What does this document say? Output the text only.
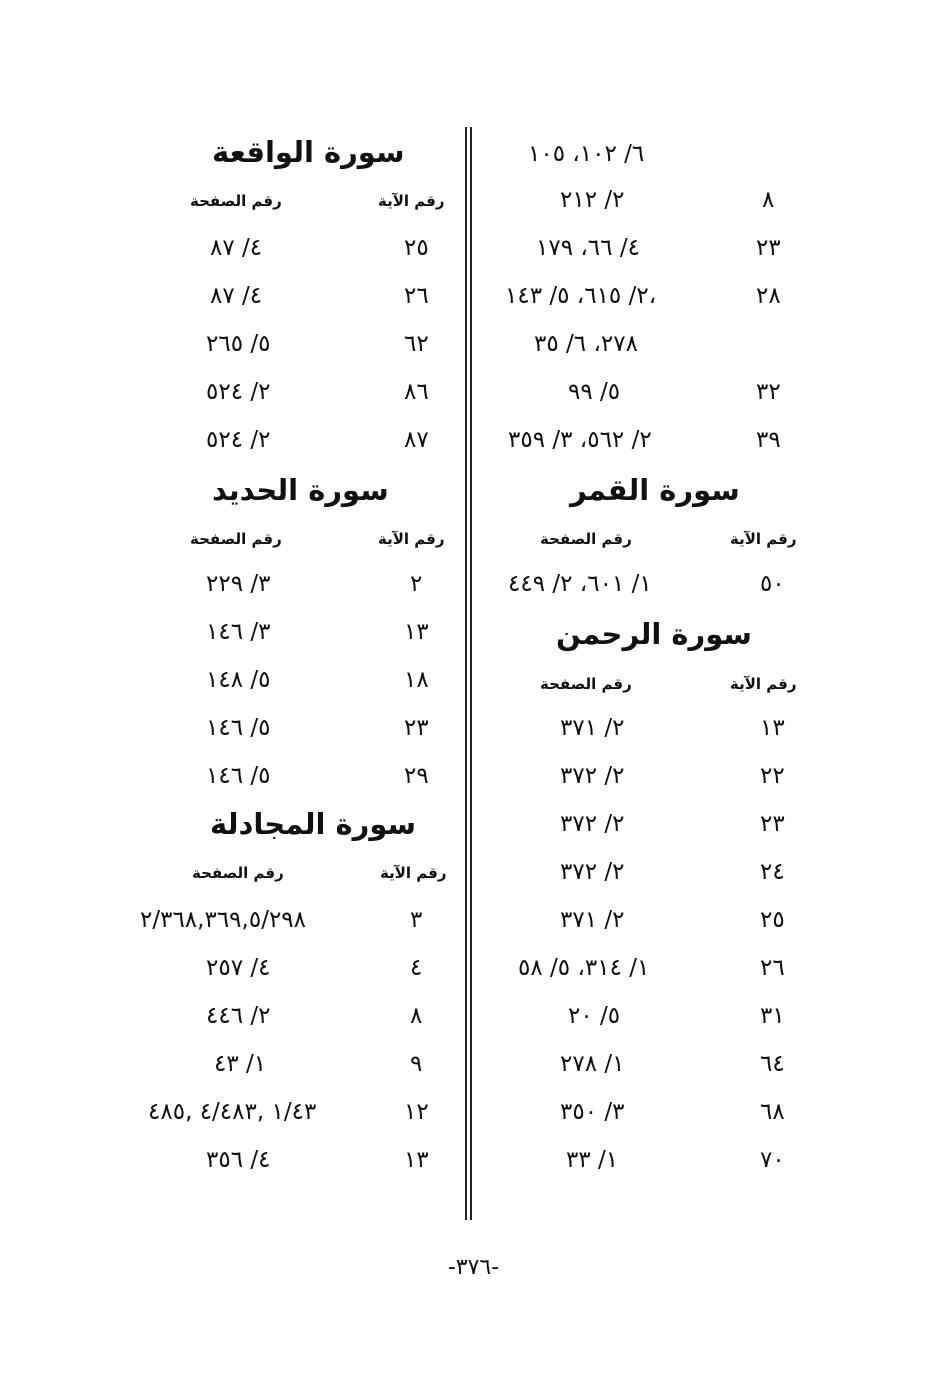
٦/ ١٠٢، ١٠٥
٨
٢/ ٢١٢
٢٣
٤/ ٦٦، ١٧٩
٢٨
٢/ ٦١٥، ٥/ ١٤٣،
٢٧٨، ٦/ ٣٥
٣٢
٥/ ٩٩
٣٩
٢/ ٥٦٢، ٣/ ٣٥٩
سورة القمر
رقم الآية
رقم الصفحة
٥٠
١/ ٦٠١، ٢/ ٤٤٩
سورة الرحمن
رقم الآية
رقم الصفحة
١٣
٢/ ٣٧١
٢٢
٢/ ٣٧٢
٢٣
٢/ ٣٧٢
٢٤
٢/ ٣٧٢
٢٥
٢/ ٣٧١
٢٦
١/ ٣١٤، ٥/ ٥٨
٣١
٥/ ٢٠
٦٤
١/ ٢٧٨
٦٨
٣/ ٣٥٠
٧٠
١/ ٣٣
سورة الواقعة
رقم الآية
رقم الصفحة
٢٥
٤/ ٨٧
٢٦
٤/ ٨٧
٦٢
٥/ ٢٦٥
٨٦
٢/ ٥٢٤
٨٧
٢/ ٥٢٤
سورة الحديد
رقم الآية
رقم الصفحة
٢
٣/ ٢٢٩
١٣
٣/ ١٤٦
١٨
٥/ ١٤٨
٢٣
٥/ ١٤٦
٢٩
٥/ ١٤٦
سورة المجادلة
رقم الآية
رقم الصفحة
٣
٢/٣٦٨,٣٦٩,٥/٢٩٨
٤
٤/ ٢٥٧
٨
٢/ ٤٤٦
٩
١/ ٤٣
١٢
١/٤٣ ,٤/٤٨٣ ,٤٨٥
١٣
٤/ ٣٥٦
-٣٧٦-
